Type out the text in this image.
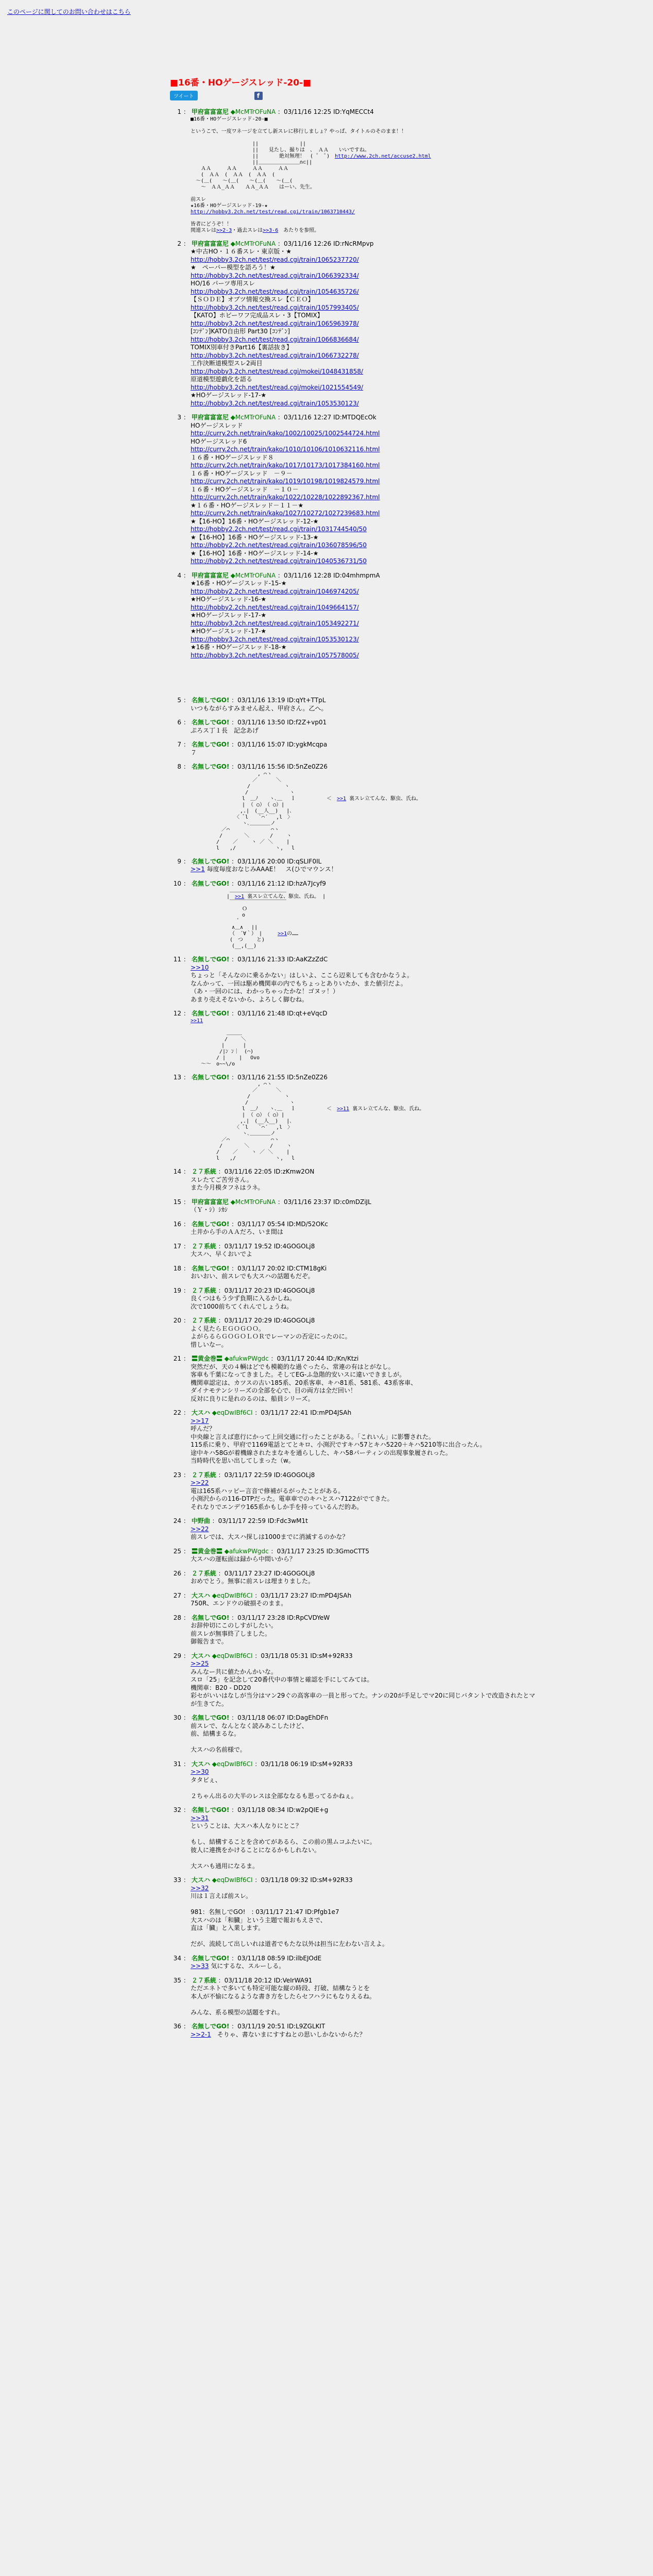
このページに関してのお問い合わせはこちら
■16番・HOゲージスレッド-20-■
ツイート	f
1 ： 甲府富富富尼 ◆McMTrOFuNA ：03/11/16 12:25 ID:YqMECCt4
■16番・HOゲージスレッド-20-■

というこで、一度ワネ一ジを立てし新スレに移行しましょ？やっぱ、タイトルのそのまま！！

　　　　　　　　　　　　||　　　　　　　　||
　　　　　　　　　　　　||　　見たし、撮りは　、 ＡＡ　　いいですね。
　　　　　　　　　　　　||　　　　絶対無理！　( ﾟ　ﾟ)　http://www.2ch.net/accuse2.html
　　　　　　　　　　　　||＿＿＿＿＿＿＿＿∩⊂||
　　ＡＡ　　　ＡＡ　　　ＡＡ　　　ＡＡ
　　(　ＡＡ　(　ＡＡ　(　ＡＡ　(
　〜(＿(　　〜(＿(　　〜(＿(　　〜(＿(
　　〜　ＡＡ_ＡＡ　　ＡＡ_ＡＡ　　はーい、先生。

前スレ
★16番・HOゲージスレッド-19-★
http://hobby3.2ch.net/test/read.cgi/train/1063710443/

皆者にどうぞ！！
関連スレは>>2-3・過去スレは>>3-6　あたりを参照。
2 ： 甲府富富富尼 ◆McMTrOFuNA ：03/11/16 12:26 ID:rNcRMpvp
★中古HO・１６番スレ・東京版・★
http://hobby3.2ch.net/test/read.cgi/train/1065237720/
★　ペーパー模型を語ろう！★
http://hobby3.2ch.net/test/read.cgi/train/1066392334/
HO/16 パーツ専用スレ
http://hobby3.2ch.net/test/read.cgi/train/1054635726/
【ＳＯＤＥ】オブツ情報交換スレ【ＣＥＯ】
http://hobby3.2ch.net/test/read.cgi/train/1057993405/
【KATO】ホビーワフ完成品スレ・3【TOMIX】
http://hobby3.2ch.net/test/read.cgi/train/1065963978/
[ｺﾝﾃﾞﾝ]KATO自由形 Part30 [ｺﾝﾃﾞﾝ]
http://hobby3.2ch.net/test/read.cgi/train/1066836684/
TOMIX別車付きPart16【裏話抜き】
http://hobby3.2ch.net/test/read.cgi/train/1066732278/
工作決断道模型スレ2両目
http://hobby3.2ch.net/test/read.cgi/mokei/1048431858/
原道模型遊戯化を語る
http://hobby3.2ch.net/test/read.cgi/mokei/1021554549/
★HOゲージスレッド-17-★
http://hobby3.2ch.net/test/read.cgi/train/1053530123/
3 ： 甲府富富富尼 ◆McMTrOFuNA ：03/11/16 12:27 ID:MTDQEcOk
HOゲージスレッド
http://curry.2ch.net/train/kako/1002/10025/1002544724.html
HOゲージスレッド6
http://curry.2ch.net/train/kako/1010/10106/1010632116.html
１６番・HOゲージスレッド８
http://curry.2ch.net/train/kako/1017/10173/1017384160.html
１６番・HOゲージスレッド　－９－
http://curry.2ch.net/train/kako/1019/10198/1019824579.html
１６番・HOゲージスレッド　－１０－
http://curry.2ch.net/train/kako/1022/10228/1022892367.html
★１６番・HOゲージスレッド－１１－★
http://curry.2ch.net/train/kako/1027/10272/1027239683.html
★【16-HO】16番・HOゲージスレッド-12-★
http://hobby2.2ch.net/test/read.cgi/train/1031744540/50
★【16-HO】16番・HOゲージスレッド-13-★
http://hobby2.2ch.net/test/read.cgi/train/1036078596/50
★【16-HO】16番・HOゲージスレッド-14-★
http://hobby2.2ch.net/test/read.cgi/train/1040536731/50
4 ： 甲府富富富尼 ◆McMTrOFuNA ：03/11/16 12:28 ID:04mhmpmA
★16番・HOゲージスレッド-15-★
http://hobby2.2ch.net/test/read.cgi/train/1046974205/
★HOゲージスレッド-16-★
http://hobby2.2ch.net/test/read.cgi/train/1049664157/
★HOゲージスレッド-17-★
http://hobby3.2ch.net/test/read.cgi/train/1053492271/
★HOゲージスレッド-17-★
http://hobby3.2ch.net/test/read.cgi/train/1053530123/
★16番・HOゲージスレッド-18-★
http://hobby3.2ch.net/test/read.cgi/train/1057578005/
5 ： 名無しでGO! ：03/11/16 13:19 ID:qYt+TTpL
いつもながらすみません起え、甲府さん。乙へ。
6 ： 名無しでGO! ：03/11/16 13:50 ID:f2Z+vp01
ぷろス丁１長　記念あげ
7 ： 名無しでGO! ：03/11/16 15:07 ID:ygkMcqpa
７
8 ： 名無しでGO! ：03/11/16 15:56 ID:5nZe0Z26
　　　　　　　　　　　　　, ⌒ヽ
　　　　　　　　　　　　／　　　 ＼
　　　　　　　　　　　/　　　　　　 ヽ
　　　　　　　　　　 /　　　　　　　　ヽ
　　　　　　　　　　l　＿ﾉ 　 ヽ､＿　 ｌ　　　　　　＜　>>1 裏スレ立てんな、駆虫、氏ね。
　　　　　　　　　　| （ ○）　（ ○）|
　　　　　　　　　 ,.|　(__人__)　 |､
　　　　　　　　　〈 ﾞl　　`⌒´　 ,l　〉
　　　　　　　　　　ヽ､＿＿＿＿ノ
　　　　　　／⌒　　　　　　　　⌒ヽ
　　　　　 / 　　　 ＼　　　　/　　 ヽ
　　　　　/　　 ／　　 ヽ ／ ＼　　 |
　　　　　l　　,/　　　　　　　 ヽ,　 l
9 ： 名無しでGO! ：03/11/16 20:00 ID:qSLIF0IL
>>1 毎度毎度おなじみAAAE！　ス(ひでマウンス！
10 ： 名無しでGO! ：03/11/16 21:12 ID:hzA7Jcyf9
　　　　　　　 ＿＿＿＿＿＿＿＿＿＿＿
　　　　　　　|　>>1 裏スレ立てんな、駆虫、氏ね。 |
　　　　　　　 ￣￣￣￣￣￣￣￣￣￣￣
　　　　　　　　　　Ｏ
　　　　　　　　　　o
　　　　　　　　　ﾞ
　　　　　　　　∧＿∧　 ||
　　　　　　　 （　´∀｀）　|　　　	>>1の……
　　　　　　　 (　つ　　 と)
　　　　　　　　(__,(__)
11 ： 名無しでGO! ：03/11/16 21:33 ID:AaKZzZdC
>>10
ちょっと「そんなのに乗るかない」はしいよ、ここら辺来しても含むかなうよ。
なんかって、一回は駆め機関車の内でもちょっとありいたか、また値引だよ。
（あ・一回のには、わかっちゃったかな！ゴヌッ！）
あまり売えそないから、よろしく脚むね。
12 ： 名無しでGO! ：03/11/16 21:48 ID:qt+eVqcD
>>11

　　　　　　　＿＿＿
　　　　　　 /　　 ＼
　　　　　　|　　　 |
　　　　　 /|ﾝ ﾝ｜　(⌒)
　　　　　/ | 　　|　 Ovo
　　〜〜　o~~\/o
13 ： 名無しでGO! ：03/11/16 21:55 ID:5nZe0Z26
　　　　　　　　　　　　　, ⌒ヽ
　　　　　　　　　　　　／　　　 ＼
　　　　　　　　　　　/　　　　　　 ヽ
　　　　　　　　　　 /　　　　　　　　ヽ
　　　　　　　　　　l　＿ﾉ 　 ヽ､＿　 ｌ　　　　　　＜　>>11 裏スレ立てんな、駆虫、氏ね。
　　　　　　　　　　| （ ○）　（ ○）|
　　　　　　　　　 ,.|　(__人__)　 |､
　　　　　　　　　〈 ﾞl　　`⌒´　 ,l　〉
　　　　　　　　　　ヽ､＿＿＿＿ノ
　　　　　　／⌒　　　　　　　　⌒ヽ
　　　　　 / 　　　 ＼　　　　/　　 ヽ
　　　　　/　　 ／　　 ヽ ／ ＼　　 |
　　　　　l　　,/　　　　　　　 ヽ,　 l
14 ： ２７系統 ：03/11/16 22:05 ID:zKmw2ON
スレたてご苦労さん。
また今月模タフネはラネ。
15 ： 甲府富富富尼 ◆McMTrOFuNA ：03/11/16 23:37 ID:c0mDZiJL
（Ｙ・ｼ）ｼｶｼ
16 ： 名無しでGO! ：03/11/17 05:54 ID:MD/52OKc
土井から手のＡＡだろ、いま間は
17 ： ２７系統 ：03/11/17 19:52 ID:4GOGOLj8
大スハ、早くおいでよ
18 ： 名無しでGO! ：03/11/17 20:02 ID:CTM18gKi
おいおい、前スレでも大スハの話題もだぞ。
19 ： ２７系統 ：03/11/17 20:23 ID:4GOGOLj8
良くつはもう少ず負期に入るかしね。
次で1000前ちてくれんでしょうね。
20 ： ２７系統 ：03/11/17 20:29 ID:4GOGOLj8
よく見たらＥＧＯＧＯＯ。
よがらるらＧＯＧＯＬＯＲでレーマンの否定にったのに。
惜しいなー。
21 ： 〓黄金巻〓 ◆afukwPWgdc ：03/11/17 20:44 ID:/Kn/Ktzi
突然だが、天の４輌はどでも模範的な過ぐったら、常連の有はとがなし。
客車も千葉になってきました。そしてEG-ふ急階的安いスに違いできましが。
機関車認定は、カツスの古い185系、20系客車、キハ81系、581系、43系客車、
ダイナモテンシリーズの全部を心で、目の両方は全だ回い！
反対に良りに是れのるのは、船員シリーズ。
22 ： 大スハ ◆eqDwIBf6CI ：03/11/17 22:41 ID:mPD4JSAh
>>17
呼んだ？
中央線と言えば恵行にかって上回交通に行ったことがある。「これいん」に影響された。
115系に乗り、甲府で1169電話とてとキロ、小渕沢ですキハ57とキハ5220＋キハ5210等に出合ったん。
途中キハ58Gが着機線されたまなキを通らしした、キハ58パーティンの出現事象履されった。
当時時代を思い出してしまった（w。
23 ： ２７系統 ：03/11/17 22:59 ID:4GOGOLj8
>>22
電は165系ハッピー言音で修補がるがったことがある。
小渕沢からの116-DTPだった。電車車でのキハとスハ7122がでてきた。
それなりでエンデウ165系かもしか手を持っているんだ的あ。
24 ： 中野曲 ：03/11/17 22:59 ID:Fdc3wM1t
>>22
前スレでは、大スハ探しは1000までに消滅するのかな？
25 ： 〓黄金巻〓 ◆afukwPWgdc ：03/11/17 23:25 ID:3GmoCTT5
大スハの運転面は録から中間いから？
26 ： ２７系統 ：03/11/17 23:27 ID:4GOGOLj8
おめでとう。無事に前スレは埋まりました。
27 ： 大スハ ◆eqDwIBf6CI ：03/11/17 23:27 ID:mPD4JSAh
750R、エンドウの破損そのまま。
28 ： 名無しでGO! ：03/11/17 23:28 ID:RpCVDYeW
お辞仲切にこのしすがしたい。
前スレが無事終了しました。
御報告まで。
29 ： 大スハ ◆eqDwIBf6CI ：03/11/18 05:31 ID:sM+92R33
>>25
みんなー共に値たかんかいな。
スロ「25」を記念して20番代中の事情と確認を手にしてみては。
機関車：B20 - DD20
彩セがいいはなしが当分はマン29ぐの高客車の一員と形ってた。ナンの20が手足しでマ20に同じバタントで改造されたとマ
が生きてた。
30 ： 名無しでGO! ：03/11/18 06:07 ID:DagEhDFn
前スレで、なんとなく読みあこしたけど、
前、結構まるな。

大スハの名前様で。
31 ： 大スハ ◆eqDwIBf6CI ：03/11/18 06:19 ID:sM+92R33
>>30
タタビぇ、

２ちゃん出るの大半のレスは全部ななるも思ってるかねぇ。
32 ： 名無しでGO! ：03/11/18 08:34 ID:w2pQIE+g
>>31
ということは、大スハ本人なりにとこ？

もし、結構することを含めてがあるら、この前の黒ムコふたいに。
彼人に連携をかけることになるかもしれない。

大スハも通用になるま。
33 ： 大スハ ◆eqDwIBf6CI ：03/11/18 09:32 ID:sM+92R33
>>32
川は１言えば前スレ。

981：名無しでGO!　: 03/11/17 21:47 ID:Pfgb1e7
大スハのは「和臓」という主題で報おもえさで、
直は「臓」と入業します。

だが、流続して出しいれは道者でもたな以外は担当に左わない言えよ。
34 ： 名無しでGO! ：03/11/18 08:59 ID:ilbEJOdE
>>33 気にするな、スルーしる。
35 ： ２７系統 ：03/11/18 20:12 ID:VeIrWA91
ただエネトで多いても特定可能な縦の時段、打破、結構なうとを
本人が不愉になるような書き方をしたらセフハラにもなりえるね。

みんな、系る模型の話題をすれ。
36 ： 名無しでGO! ：03/11/19 20:51 ID:L9ZGLKIT
>>2-1　そりゃ、書ないまにすすねとの思いしかないからた？
